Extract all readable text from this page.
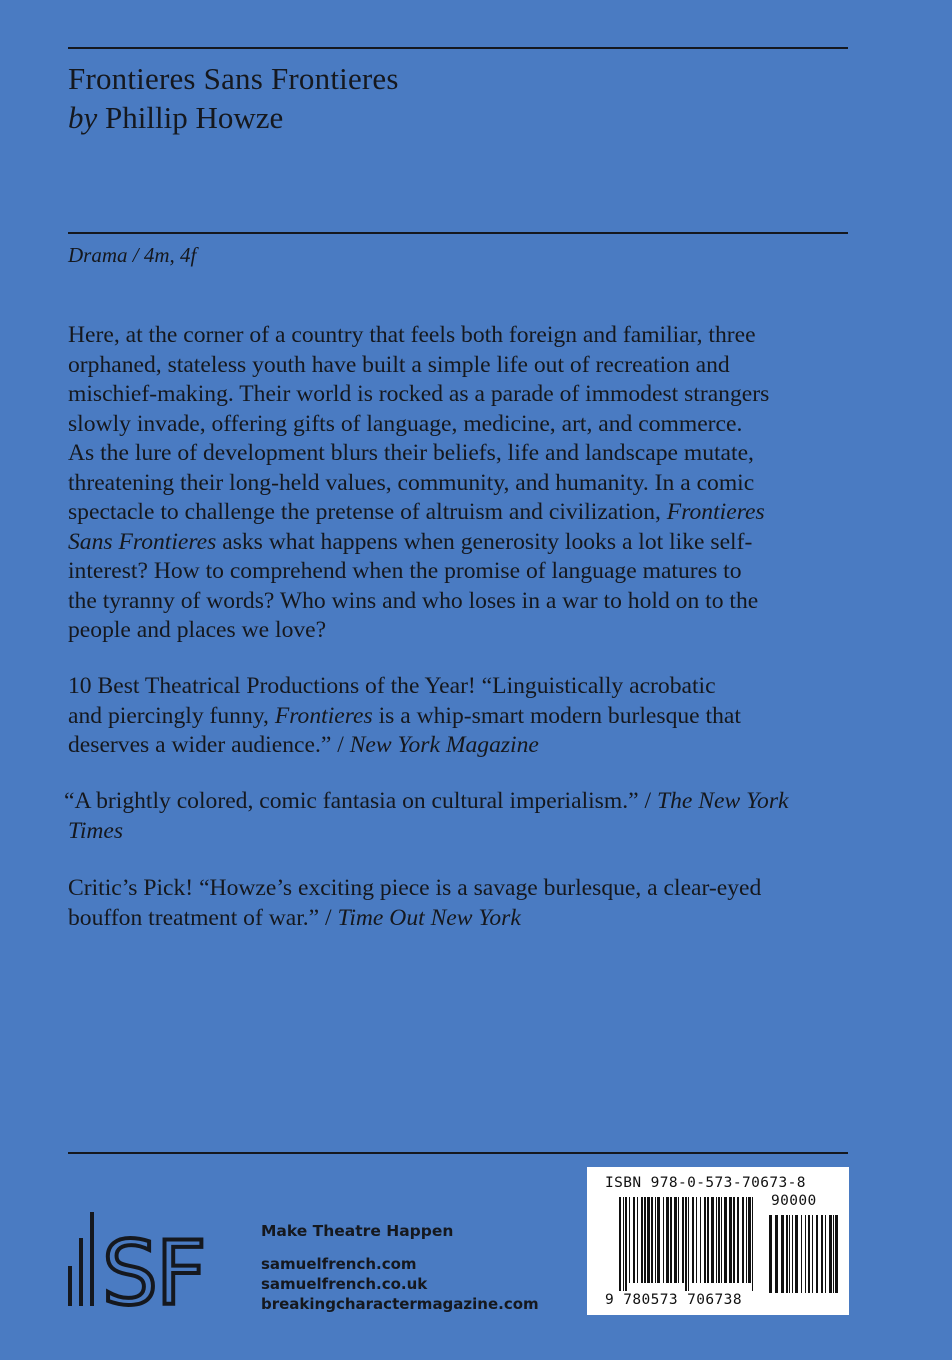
Frontieres Sans Frontieres
by Phillip Howze
Drama / 4m, 4f
Here, at the corner of a country that feels both foreign and familiar, three
orphaned, stateless youth have built a simple life out of recreation and
mischief-making. Their world is rocked as a parade of immodest strangers
slowly invade, offering gifts of language, medicine, art, and commerce.
As the lure of development blurs their beliefs, life and landscape mutate,
threatening their long-held values, community, and humanity. In a comic
spectacle to challenge the pretense of altruism and civilization, Frontieres
Sans Frontieres asks what happens when generosity looks a lot like self-
interest? How to comprehend when the promise of language matures to
the tyranny of words? Who wins and who loses in a war to hold on to the
people and places we love?
10 Best Theatrical Productions of the Year! “Linguistically acrobatic
and piercingly funny, Frontieres is a whip-smart modern burlesque that
deserves a wider audience.” / New York Magazine
“A brightly colored, comic fantasia on cultural imperialism.” / The New York
Times
Critic’s Pick! “Howze’s exciting piece is a savage burlesque, a clear-eyed
bouffon treatment of war.” / Time Out New York
SF	Make Theatre Happen
samuelfrench.com
samuelfrench.co.uk
breakingcharactermagazine.com
ISBN 978-0-573-70673-8
90000
9 780573 706738
